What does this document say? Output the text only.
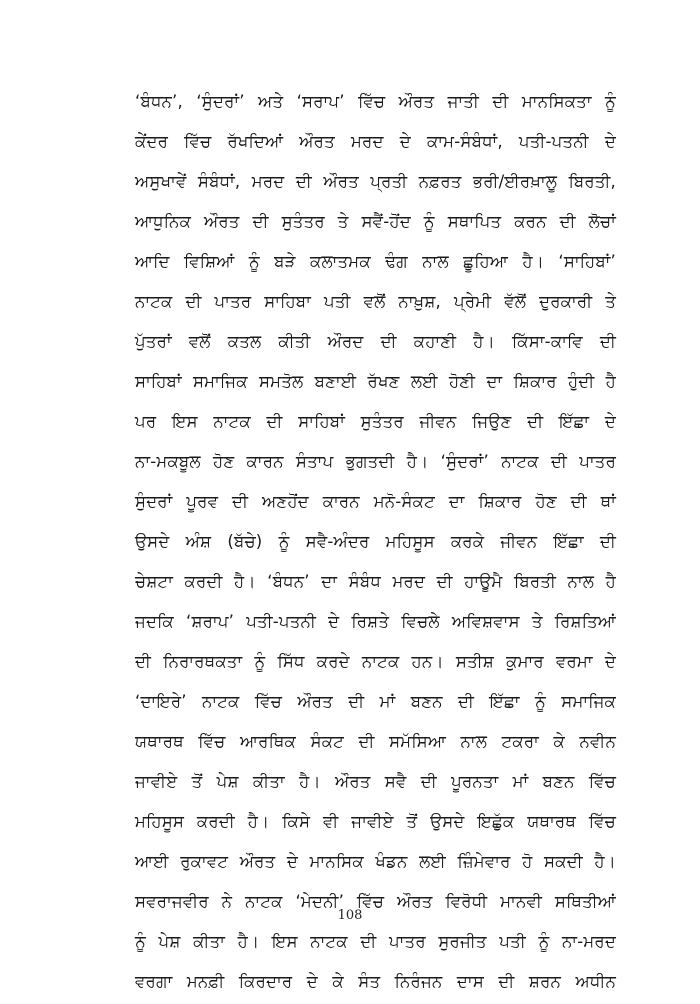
‘ਬੰਧਨ’, ‘ਸੁੰਦਰਾਂ’ ਅਤੇ ‘ਸਰਾਪ’ ਵਿੱਚ ਔਰਤ ਜਾਤੀ ਦੀ ਮਾਨਸਿਕਤਾ ਨੂੰ
ਕੇਂਦਰ ਵਿੱਚ ਰੱਖਦਿਆਂ ਔਰਤ ਮਰਦ ਦੇ ਕਾਮ-ਸੰਬੰਧਾਂ, ਪਤੀ-ਪਤਨੀ ਦੇ
ਅਸੁਖਾਵੇਂ ਸੰਬੰਧਾਂ, ਮਰਦ ਦੀ ਔਰਤ ਪ੍ਰਤੀ ਨਫ਼ਰਤ ਭਰੀ/ਈਰਖ਼ਾਲੂ ਬਿਰਤੀ,
ਆਧੁਨਿਕ ਔਰਤ ਦੀ ਸੁਤੰਤਰ ਤੇ ਸਵੈਂ-ਹੋਂਦ ਨੂੰ ਸਥਾਪਿਤ ਕਰਨ ਦੀ ਲੋਚਾਂ
ਆਦਿ ਵਿਸ਼ਿਆਂ ਨੂੰ ਬੜੇ ਕਲਾਤਮਕ ਢੰਗ ਨਾਲ ਛੂਹਿਆ ਹੈ। ‘ਸਾਹਿਬਾਂ’
ਨਾਟਕ ਦੀ ਪਾਤਰ ਸਾਹਿਬਾ ਪਤੀ ਵਲੋਂ ਨਾਖ਼ੁਸ਼, ਪ੍ਰੇਮੀ ਵੱਲੋਂ ਦੁਰਕਾਰੀ ਤੇ
ਪੁੱਤਰਾਂ ਵਲੋਂ ਕਤਲ ਕੀਤੀ ਔਰਦ ਦੀ ਕਹਾਣੀ ਹੈ। ਕਿੱਸਾ-ਕਾਵਿ ਦੀ
ਸਾਹਿਬਾਂ ਸਮਾਜਿਕ ਸਮਤੋਲ ਬਣਾਈ ਰੱਖਣ ਲਈ ਹੋਣੀ ਦਾ ਸ਼ਿਕਾਰ ਹੁੰਦੀ ਹੈ
ਪਰ ਇਸ ਨਾਟਕ ਦੀ ਸਾਹਿਬਾਂ ਸੁਤੰਤਰ ਜੀਵਨ ਜਿਉਣ ਦੀ ਇੱਛਾ ਦੇ
ਨਾ-ਮਕਬੂਲ ਹੋਣ ਕਾਰਨ ਸੰਤਾਪ ਭੁਗਤਦੀ ਹੈ। ‘ਸੁੰਦਰਾਂ’ ਨਾਟਕ ਦੀ ਪਾਤਰ
ਸੁੰਦਰਾਂ ਪੂਰਵ ਦੀ ਅਣਹੋਂਦ ਕਾਰਨ ਮਨੋ-ਸੰਕਟ ਦਾ ਸ਼ਿਕਾਰ ਹੋਣ ਦੀ ਥਾਂ
ਉਸਦੇ ਅੰਸ਼ (ਬੱਚੇ) ਨੂੰ ਸਵੈ-ਅੰਦਰ ਮਹਿਸੂਸ ਕਰਕੇ ਜੀਵਨ ਇੱਛਾ ਦੀ
ਚੇਸ਼ਟਾ ਕਰਦੀ ਹੈ। ‘ਬੰਧਨ’ ਦਾ ਸੰਬੰਧ ਮਰਦ ਦੀ ਹਾਊਮੈ ਬਿਰਤੀ ਨਾਲ ਹੈ
ਜਦਕਿ ‘ਸ਼ਰਾਪ’ ਪਤੀ-ਪਤਨੀ ਦੇ ਰਿਸ਼ਤੇ ਵਿਚਲੇ ਅਵਿਸ਼ਵਾਸ ਤੇ ਰਿਸ਼ਤਿਆਂ
ਦੀ ਨਿਰਾਰਥਕਤਾ ਨੂੰ ਸਿੱਧ ਕਰਦੇ ਨਾਟਕ ਹਨ। ਸਤੀਸ਼ ਕੁਮਾਰ ਵਰਮਾ ਦੇ
‘ਦਾਇਰੇ’ ਨਾਟਕ ਵਿੱਚ ਔਰਤ ਦੀ ਮਾਂ ਬਣਨ ਦੀ ਇੱਛਾ ਨੂੰ ਸਮਾਜਿਕ
ਯਥਾਰਥ ਵਿੱਚ ਆਰਥਿਕ ਸੰਕਟ ਦੀ ਸਮੱਸਿਆ ਨਾਲ ਟਕਰਾ ਕੇ ਨਵੀਨ
ਜਾਵੀਏ ਤੋਂ ਪੇਸ਼ ਕੀਤਾ ਹੈ। ਔਰਤ ਸਵੈ ਦੀ ਪੂਰਨਤਾ ਮਾਂ ਬਣਨ ਵਿੱਚ
ਮਹਿਸੂਸ ਕਰਦੀ ਹੈ। ਕਿਸੇ ਵੀ ਜਾਵੀਏ ਤੋਂ ਉਸਦੇ ਇਛੁੱਕ ਯਥਾਰਥ ਵਿੱਚ
ਆਈ ਰੁਕਾਵਟ ਔਰਤ ਦੇ ਮਾਨਸਿਕ ਖੰਡਨ ਲਈ ਜ਼ਿੰਮੇਵਾਰ ਹੋ ਸਕਦੀ ਹੈ।
ਸਵਰਾਜਵੀਰ ਨੇ ਨਾਟਕ ‘ਮੇਦਨੀ’ ਵਿੱਚ ਔਰਤ ਵਿਰੋਧੀ ਮਾਨਵੀ ਸਥਿਤੀਆਂ
ਨੂੰ ਪੇਸ਼ ਕੀਤਾ ਹੈ। ਇਸ ਨਾਟਕ ਦੀ ਪਾਤਰ ਸੁਰਜੀਤ ਪਤੀ ਨੂੰ ਨਾ-ਮਰਦ
ਵਰਗਾ ਮਨਫ਼ੀ ਕਿਰਦਾਰ ਦੇ ਕੇ ਸੰਤ ਨਿਰੰਜਨ ਦਾਸ ਦੀ ਸ਼ਰਨ ਅਧੀਨ
108
